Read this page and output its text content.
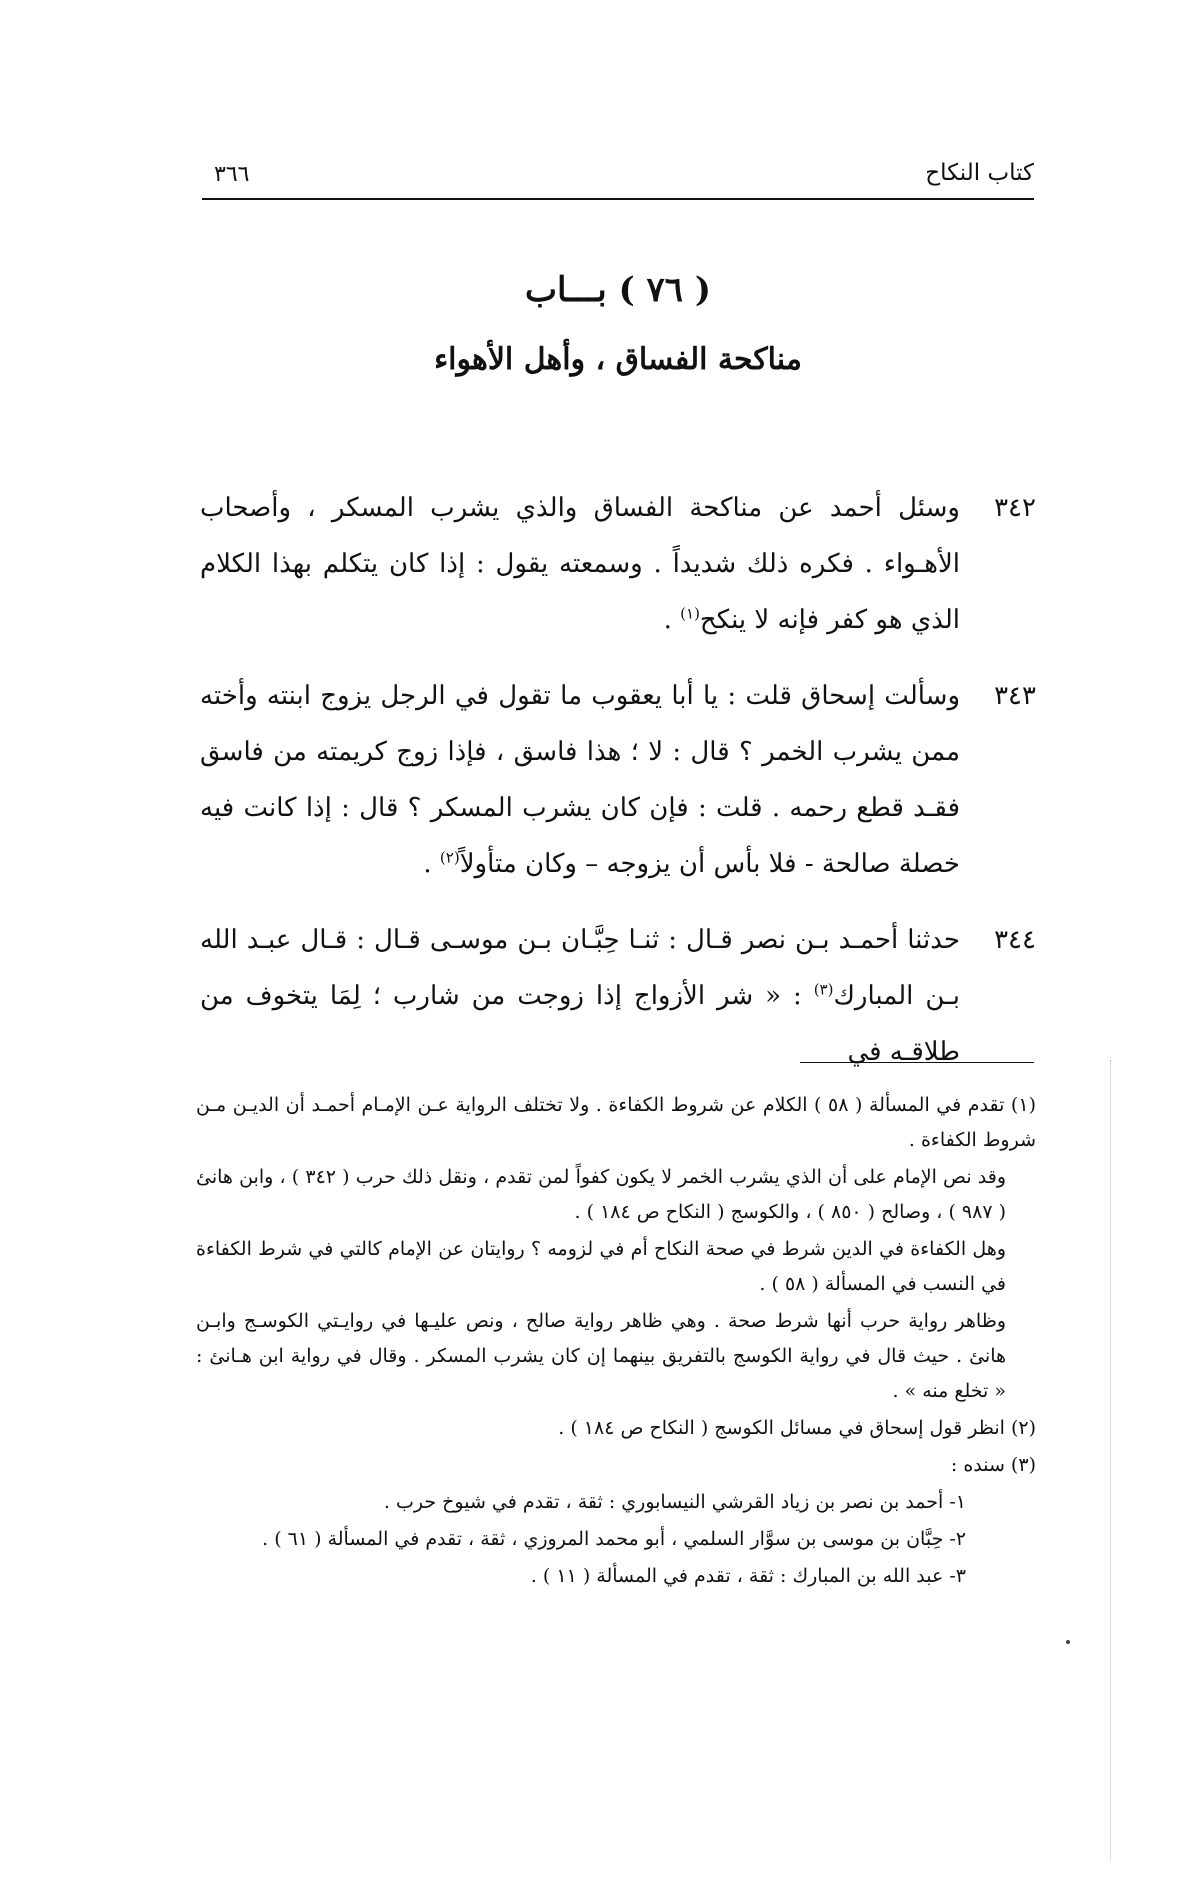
كتاب النكاح
٣٦٦
( ٧٦ ) بـــاب
مناكحة الفساق ، وأهل الأهواء
٣٤٢
وسئل أحمد عن مناكحة الفساق والذي يشرب المسكر ، وأصحاب الأهـواء . فكره ذلك شديداً . وسمعته يقول : إذا كان يتكلم بهذا الكلام الذي هو كفر فإنه لا ينكح$^{(١)}$ .
٣٤٣
وسألت إسحاق قلت : يا أبا يعقوب ما تقول في الرجل يزوج ابنته وأخته ممن يشرب الخمر ؟ قال : لا ؛ هذا فاسق ، فإذا زوج كريمته من فاسق فقـد قطع رحمه . قلت : فإن كان يشرب المسكر ؟ قال : إذا كانت فيه خصلة صالحة - فلا بأس أن يزوجه – وكان متأولاً$^{(٢)}$ .
٣٤٤
حدثنا أحمـد بـن نصر قـال : ثنـا حِبَّـان بـن موسـى قـال : قـال عبـد الله بـن المبارك$^{(٣)}$ : « شر الأزواج إذا زوجت من شارب ؛ لِمَا يتخوف من طلاقـه في

(١) تقدم في المسألة ( ٥٨ ) الكلام عن شروط الكفاءة . ولا تختلف الرواية عـن الإمـام أحمـد أن الديـن مـن شروط الكفاءة .

وقد نص الإمام على أن الذي يشرب الخمر لا يكون كفواً لمن تقدم ، ونقل ذلك حرب ( ٣٤٢ ) ، وابن هانئ ( ٩٨٧ ) ، وصالح ( ٨٥٠ ) ، والكوسج ( النكاح ص ١٨٤ ) .

وهل الكفاءة في الدين شرط في صحة النكاح أم في لزومه ؟ روايتان عن الإمام كالتي في شرط الكفاءة في النسب في المسألة ( ٥٨ ) .

وظاهر رواية حرب أنها شرط صحة . وهي ظاهر رواية صالح ، ونص عليـها في روايـتي الكوسـج وابـن هانئ . حيث قال في رواية الكوسج بالتفريق بينهما إن كان يشرب المسكر . وقال في رواية ابن هـانئ : « تخلع منه » .

(٢) انظر قول إسحاق في مسائل الكوسج ( النكاح ص ١٨٤ ) .

(٣) سنده :

١- أحمد بن نصر بن زياد القرشي النيسابوري : ثقة ، تقدم في شيوخ حرب .

٢- حِبَّان بن موسى بن سوَّار السلمي ، أبو محمد المروزي ، ثقة ، تقدم في المسألة ( ٦١ ) .

٣- عبد الله بن المبارك : ثقة ، تقدم في المسألة ( ١١ ) .
